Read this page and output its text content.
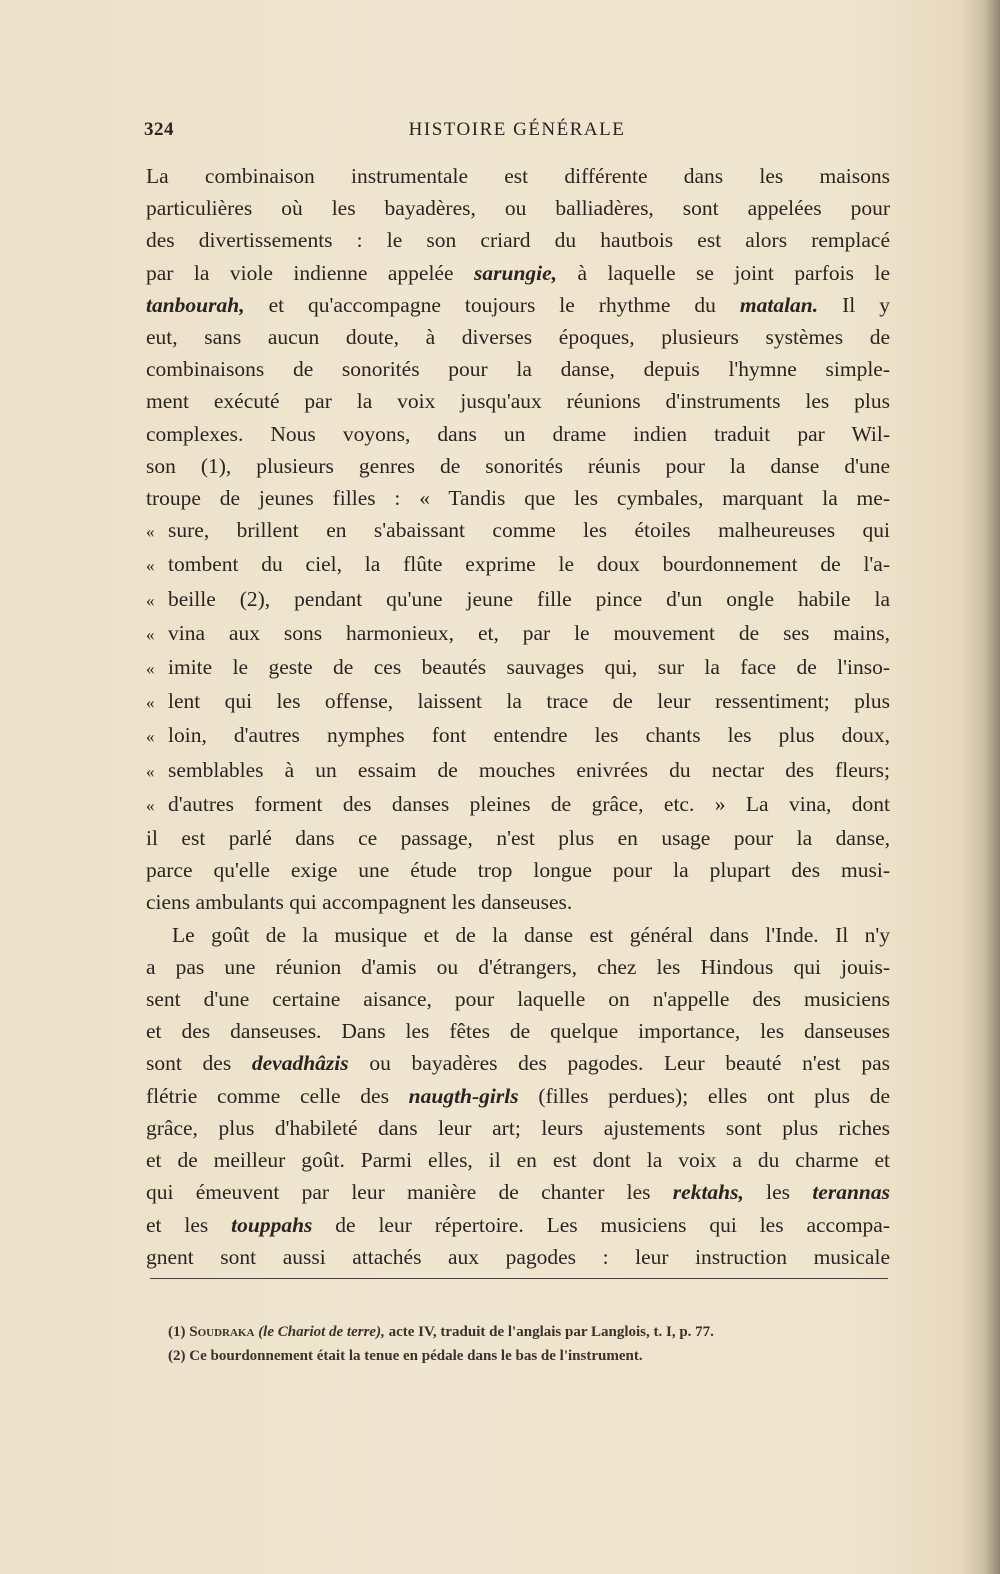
324	HISTOIRE GÉNÉRALE
La combinaison instrumentale est différente dans les maisons
particulières où les bayadères, ou balliadères, sont appelées pour
des divertissements : le son criard du hautbois est alors remplacé
par la viole indienne appelée sarungie, à laquelle se joint parfois le
tanbourah, et qu'accompagne toujours le rhythme du matalan. Il y
eut, sans aucun doute, à diverses époques, plusieurs systèmes de
combinaisons de sonorités pour la danse, depuis l'hymne simple-
ment exécuté par la voix jusqu'aux réunions d'instruments les plus
complexes. Nous voyons, dans un drame indien traduit par Wil-
son (1), plusieurs genres de sonorités réunis pour la danse d'une
troupe de jeunes filles : « Tandis que les cymbales, marquant la me-
« sure, brillent en s'abaissant comme les étoiles malheureuses qui
« tombent du ciel, la flûte exprime le doux bourdonnement de l'a-
« beille (2), pendant qu'une jeune fille pince d'un ongle habile la
« vina aux sons harmonieux, et, par le mouvement de ses mains,
« imite le geste de ces beautés sauvages qui, sur la face de l'inso-
« lent qui les offense, laissent la trace de leur ressentiment; plus
« loin, d'autres nymphes font entendre les chants les plus doux,
« semblables à un essaim de mouches enivrées du nectar des fleurs;
« d'autres forment des danses pleines de grâce, etc. » La vina, dont
il est parlé dans ce passage, n'est plus en usage pour la danse,
parce qu'elle exige une étude trop longue pour la plupart des musi-
ciens ambulants qui accompagnent les danseuses.
Le goût de la musique et de la danse est général dans l'Inde. Il n'y
a pas une réunion d'amis ou d'étrangers, chez les Hindous qui jouis-
sent d'une certaine aisance, pour laquelle on n'appelle des musiciens
et des danseuses. Dans les fêtes de quelque importance, les danseuses
sont des devadhâzis ou bayadères des pagodes. Leur beauté n'est pas
flétrie comme celle des naugth-girls (filles perdues); elles ont plus de
grâce, plus d'habileté dans leur art; leurs ajustements sont plus riches
et de meilleur goût. Parmi elles, il en est dont la voix a du charme et
qui émeuvent par leur manière de chanter les rektahs, les terannas
et les touppahs de leur répertoire. Les musiciens qui les accompa-
gnent sont aussi attachés aux pagodes : leur instruction musicale
(1) Soudraka (le Chariot de terre), acte IV, traduit de l'anglais par Langlois, t. I, p. 77.
(2) Ce bourdonnement était la tenue en pédale dans le bas de l'instrument.
